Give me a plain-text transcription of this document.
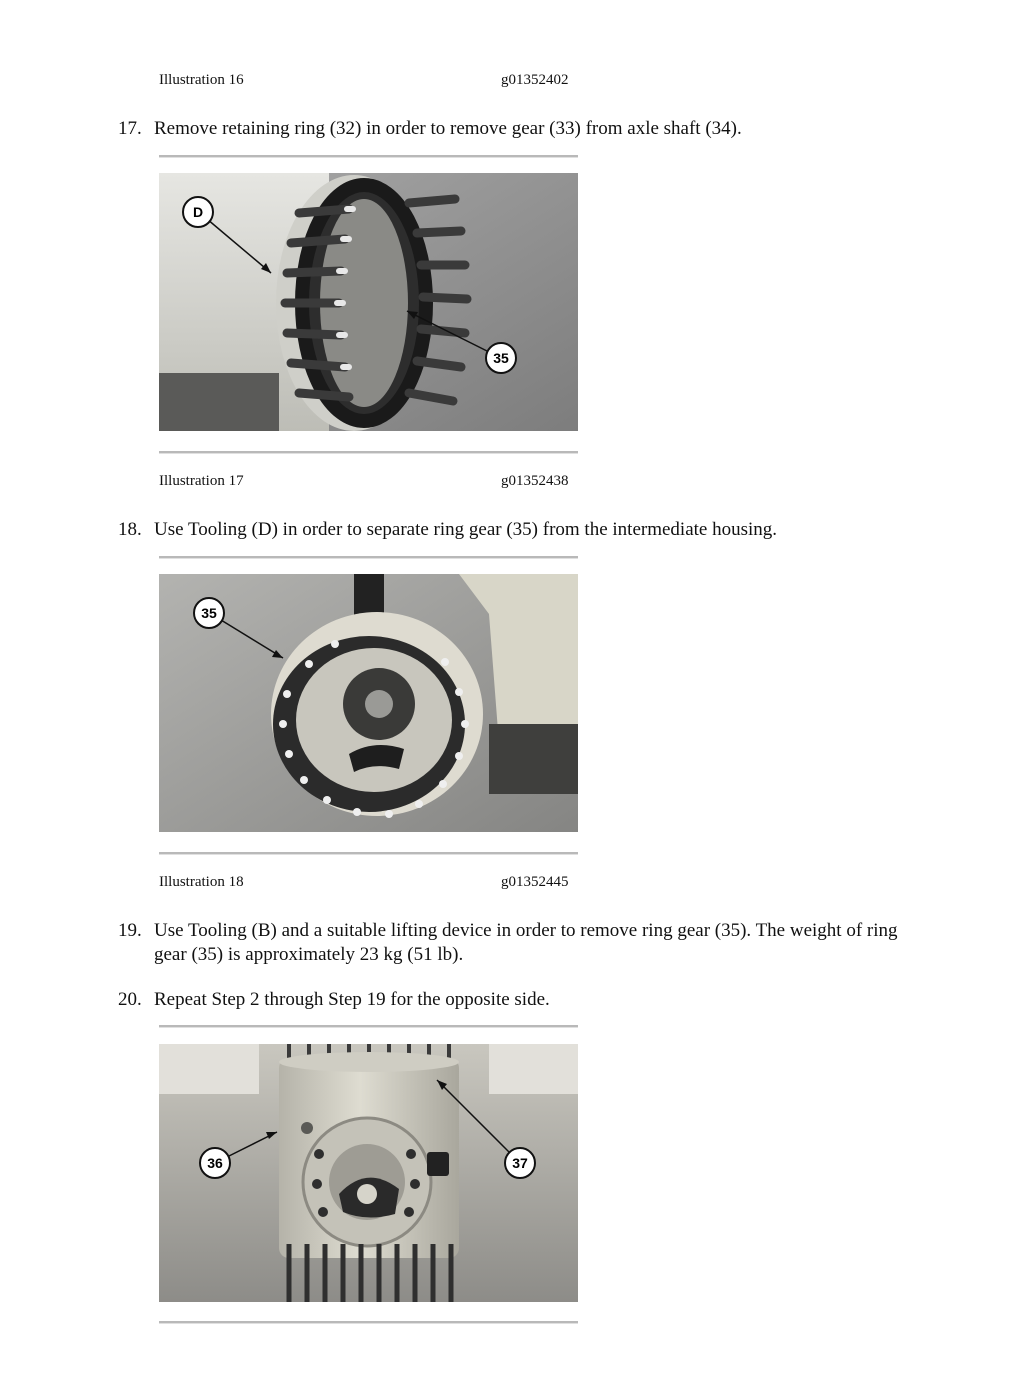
Illustration 16	g01352402
17. Remove retaining ring (32) in order to remove gear (33) from axle shaft (34).
D
35
Illustration 17	g01352438
18. Use Tooling (D) in order to separate ring gear (35) from the intermediate housing.
35
Illustration 18	g01352445
19. Use Tooling (B) and a suitable lifting device in order to remove ring gear (35). The weight of ring gear (35) is approximately 23 kg (51 lb).
20. Repeat Step 2 through Step 19 for the opposite side.
36	37
